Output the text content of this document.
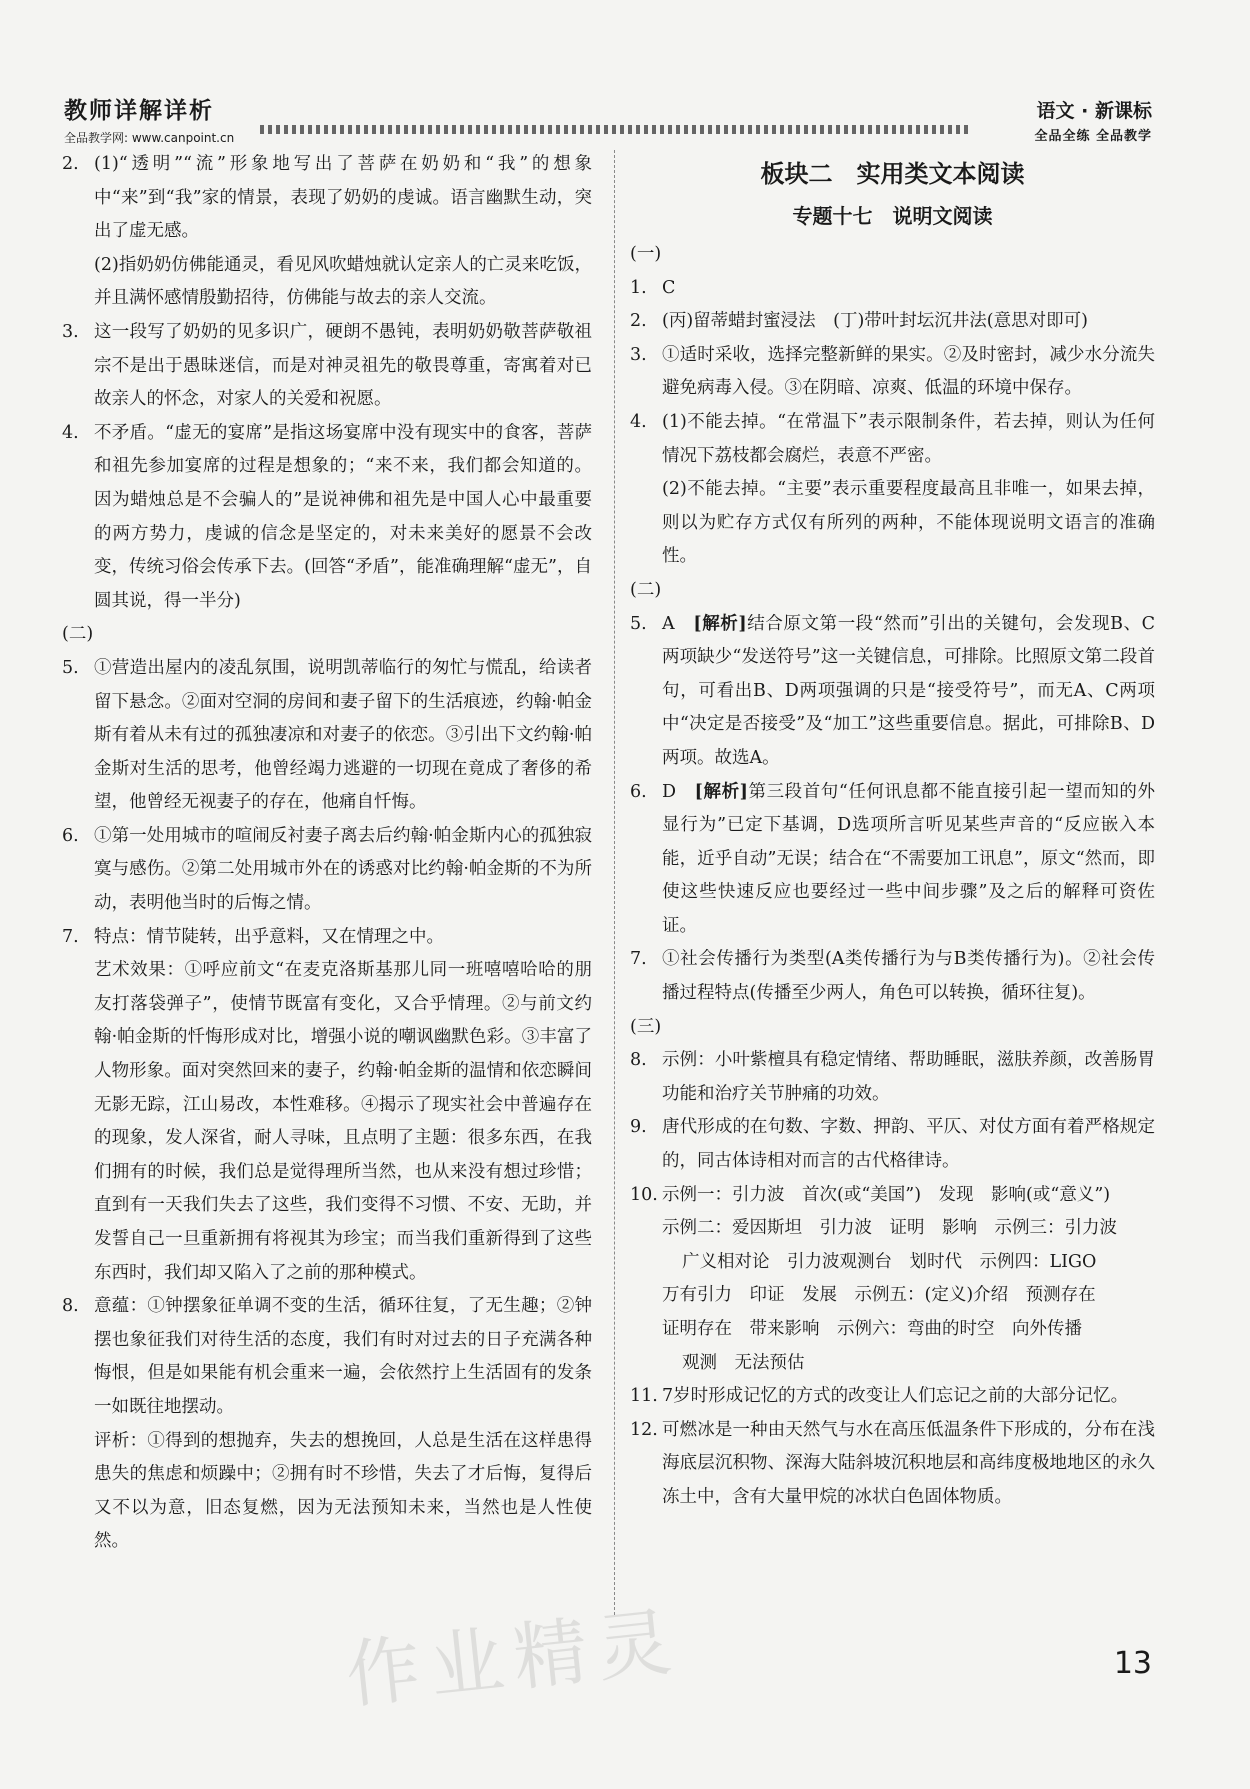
教师详解详析
全品教学网: www.canpoint.cn
语文 · 新课标
全品全练 全品教学
2. (1)“透明”“流”形象地写出了菩萨在奶奶和“我”的想象中“来”到“我”家的情景，表现了奶奶的虔诚。语言幽默生动，突出了虚无感。
(2)指奶奶仿佛能通灵，看见风吹蜡烛就认定亲人的亡灵来吃饭，并且满怀感情殷勤招待，仿佛能与故去的亲人交流。
3. 这一段写了奶奶的见多识广，硬朗不愚钝，表明奶奶敬菩萨敬祖宗不是出于愚昧迷信，而是对神灵祖先的敬畏尊重，寄寓着对已故亲人的怀念，对家人的关爱和祝愿。
4. 不矛盾。“虚无的宴席”是指这场宴席中没有现实中的食客，菩萨和祖先参加宴席的过程是想象的；“来不来，我们都会知道的。因为蜡烛总是不会骗人的”是说神佛和祖先是中国人心中最重要的两方势力，虔诚的信念是坚定的，对未来美好的愿景不会改变，传统习俗会传承下去。(回答“矛盾”，能准确理解“虚无”，自圆其说，得一半分)
(二)
5. ①营造出屋内的凌乱氛围，说明凯蒂临行的匆忙与慌乱，给读者留下悬念。②面对空洞的房间和妻子留下的生活痕迹，约翰·帕金斯有着从未有过的孤独凄凉和对妻子的依恋。③引出下文约翰·帕金斯对生活的思考，他曾经竭力逃避的一切现在竟成了奢侈的希望，他曾经无视妻子的存在，他痛自忏悔。
6. ①第一处用城市的喧闹反衬妻子离去后约翰·帕金斯内心的孤独寂寞与感伤。②第二处用城市外在的诱惑对比约翰·帕金斯的不为所动，表明他当时的后悔之情。
7. 特点：情节陡转，出乎意料，又在情理之中。
艺术效果：①呼应前文“在麦克洛斯基那儿同一班嘻嘻哈哈的朋友打落袋弹子”，使情节既富有变化，又合乎情理。②与前文约翰·帕金斯的忏悔形成对比，增强小说的嘲讽幽默色彩。③丰富了人物形象。面对突然回来的妻子，约翰·帕金斯的温情和依恋瞬间无影无踪，江山易改，本性难移。④揭示了现实社会中普遍存在的现象，发人深省，耐人寻味，且点明了主题：很多东西，在我们拥有的时候，我们总是觉得理所当然，也从来没有想过珍惜；直到有一天我们失去了这些，我们变得不习惯、不安、无助，并发誓自己一旦重新拥有将视其为珍宝；而当我们重新得到了这些东西时，我们却又陷入了之前的那种模式。
8. 意蕴：①钟摆象征单调不变的生活，循环往复，了无生趣；②钟摆也象征我们对待生活的态度，我们有时对过去的日子充满各种悔恨，但是如果能有机会重来一遍，会依然拧上生活固有的发条一如既往地摆动。
评析：①得到的想抛弃，失去的想挽回，人总是生活在这样患得患失的焦虑和烦躁中；②拥有时不珍惜，失去了才后悔，复得后又不以为意，旧态复燃，因为无法预知未来，当然也是人性使然。
板块二　实用类文本阅读
专题十七　说明文阅读
(一)
1. C
2. (丙)留蒂蜡封蜜浸法　(丁)带叶封坛沉井法(意思对即可)
3. ①适时采收，选择完整新鲜的果实。②及时密封，减少水分流失避免病毒入侵。③在阴暗、凉爽、低温的环境中保存。
4. (1)不能去掉。“在常温下”表示限制条件，若去掉，则认为任何情况下荔枝都会腐烂，表意不严密。
(2)不能去掉。“主要”表示重要程度最高且非唯一，如果去掉，则以为贮存方式仅有所列的两种，不能体现说明文语言的准确性。
(二)
5. A　 [解析]结合原文第一段“然而”引出的关键句，会发现B、C两项缺少“发送符号”这一关键信息，可排除。比照原文第二段首句，可看出B、D两项强调的只是“接受符号”，而无A、C两项中“决定是否接受”及“加工”这些重要信息。据此，可排除B、D两项。故选A。
6. D　 [解析]第三段首句“任何讯息都不能直接引起一望而知的外显行为”已定下基调，D选项所言听见某些声音的“反应嵌入本能，近乎自动”无误；结合在“不需要加工讯息”，原文“然而，即使这些快速反应也要经过一些中间步骤”及之后的解释可资佐证。
7. ①社会传播行为类型(A类传播行为与B类传播行为)。②社会传播过程特点(传播至少两人，角色可以转换，循环往复)。
(三)
8. 示例：小叶紫檀具有稳定情绪、帮助睡眠，滋肤养颜，改善肠胃功能和治疗关节肿痛的功效。
9. 唐代形成的在句数、字数、押韵、平仄、对仗方面有着严格规定的，同古体诗相对而言的古代格律诗。
10. 示例一：引力波　首次(或“美国”)　发现　影响(或“意义”)
示例二：爱因斯坦　引力波　证明　影响　示例三：引力波
广义相对论　引力波观测台　划时代　示例四：LIGO
万有引力　印证　发展　示例五：(定义)介绍　预测存在
证明存在　带来影响　示例六：弯曲的时空　向外传播
观测　无法预估
11. 7岁时形成记忆的方式的改变让人们忘记之前的大部分记忆。
12. 可燃冰是一种由天然气与水在高压低温条件下形成的，分布在浅海底层沉积物、深海大陆斜坡沉积地层和高纬度极地地区的永久冻土中，含有大量甲烷的冰状白色固体物质。
作业精灵	13
